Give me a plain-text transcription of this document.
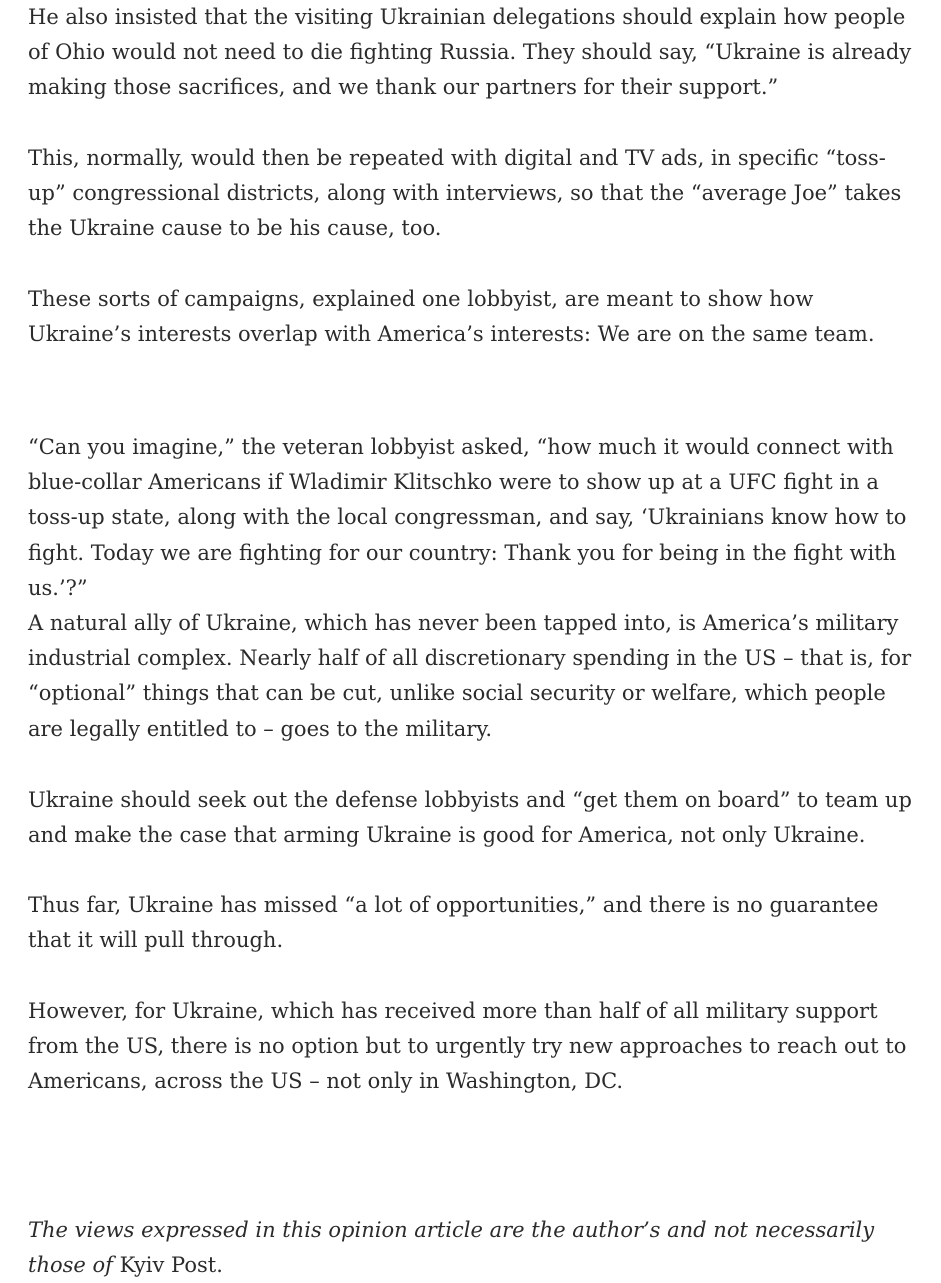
He also insisted that the visiting Ukrainian delegations should explain how people of Ohio would not need to die fighting Russia. They should say, “Ukraine is already making those sacrifices, and we thank our partners for their support.”

This, normally, would then be repeated with digital and TV ads, in specific “toss-up” congressional districts, along with interviews, so that the “average Joe” takes the Ukraine cause to be his cause, too.

These sorts of campaigns, explained one lobbyist, are meant to show how Ukraine’s interests overlap with America’s interests: We are on the same team.

“Can you imagine,” the veteran lobbyist asked, “how much it would connect with blue-collar Americans if Wladimir Klitschko were to show up at a UFC fight in a toss-up state, along with the local congressman, and say, ‘Ukrainians know how to fight. Today we are fighting for our country: Thank you for being in the fight with us.’?”

A natural ally of Ukraine, which has never been tapped into, is America’s military industrial complex. Nearly half of all discretionary spending in the US – that is, for “optional” things that can be cut, unlike social security or welfare, which people are legally entitled to – goes to the military.

Ukraine should seek out the defense lobbyists and “get them on board” to team up and make the case that arming Ukraine is good for America, not only Ukraine.

Thus far, Ukraine has missed “a lot of opportunities,” and there is no guarantee that it will pull through.

However, for Ukraine, which has received more than half of all military support from the US, there is no option but to urgently try new approaches to reach out to Americans, across the US – not only in Washington, DC.

The views expressed in this opinion article are the author’s and not necessarily those of Kyiv Post.
